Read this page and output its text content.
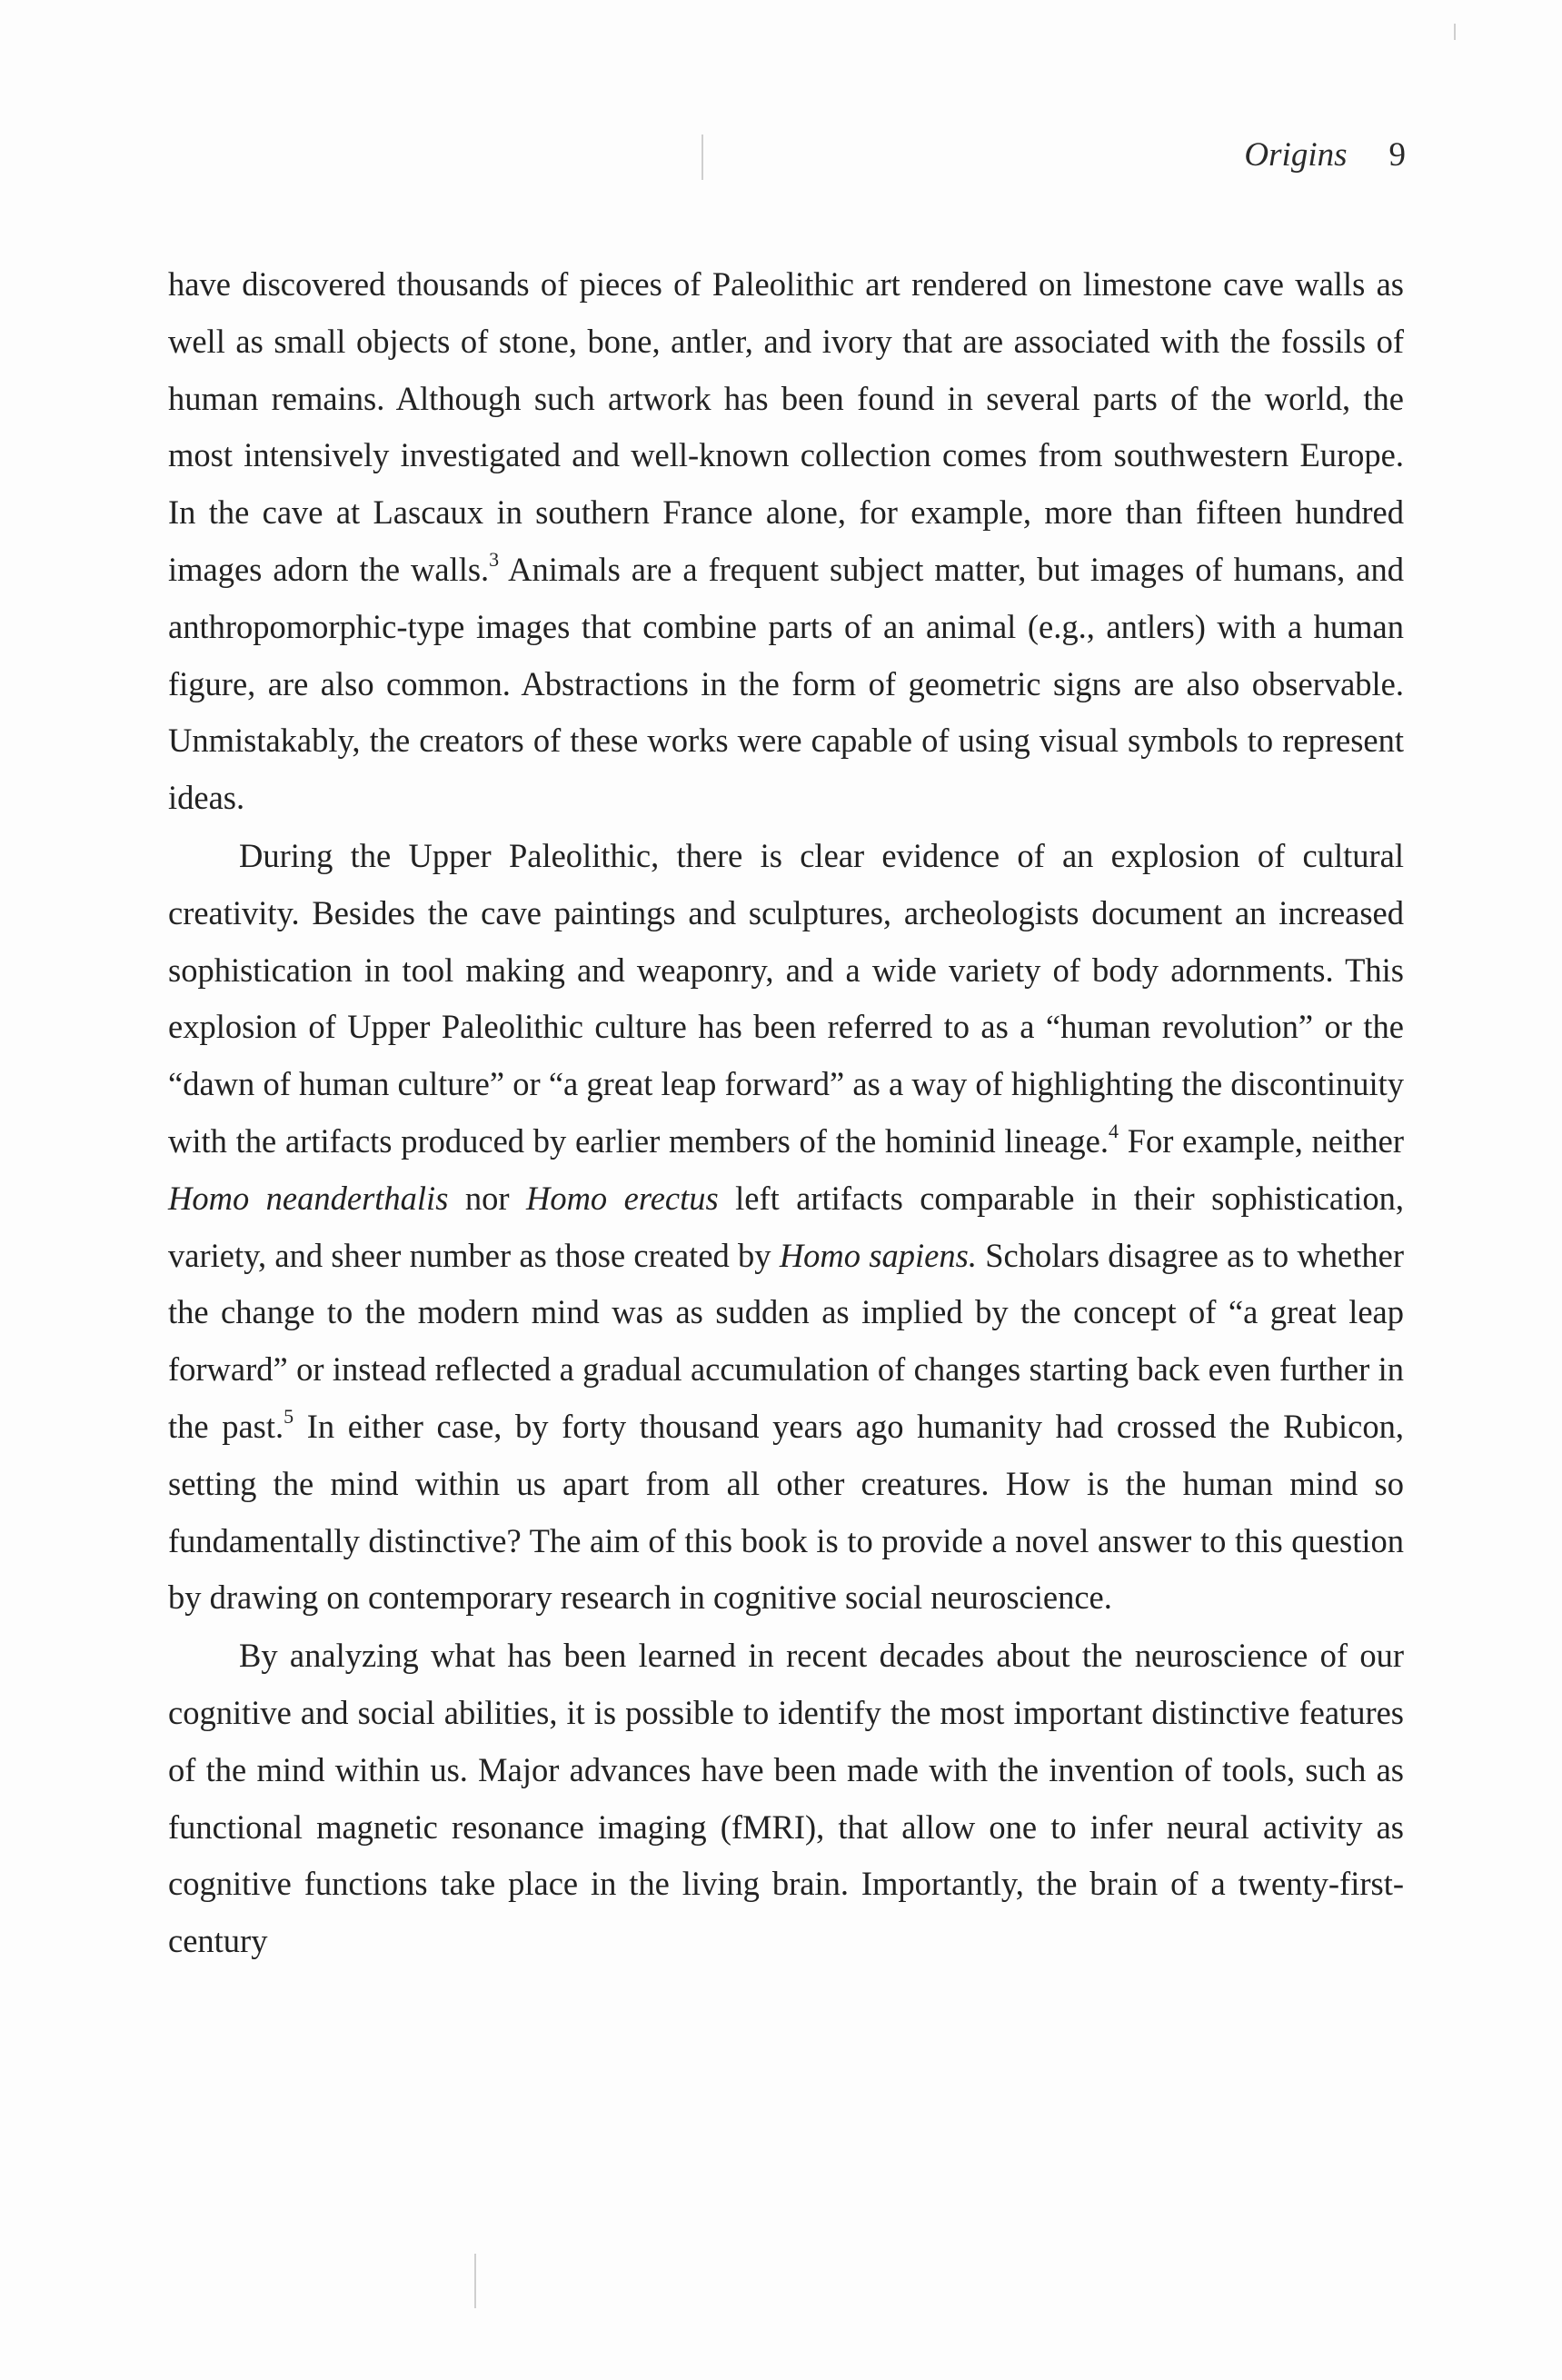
Origins 9

have discovered thousands of pieces of Paleolithic art rendered on limestone cave walls as well as small objects of stone, bone, antler, and ivory that are associated with the fossils of human remains. Although such artwork has been found in several parts of the world, the most intensively investigated and well-known collection comes from southwestern Europe. In the cave at Lascaux in southern France alone, for example, more than fifteen hundred images adorn the walls.$^3$ Animals are a frequent subject matter, but images of humans, and anthropomorphic-type images that combine parts of an animal (e.g., antlers) with a human figure, are also common. Abstractions in the form of geometric signs are also observable. Unmistakably, the creators of these works were capable of using visual symbols to represent ideas.

During the Upper Paleolithic, there is clear evidence of an explosion of cultural creativity. Besides the cave paintings and sculptures, archeologists document an increased sophistication in tool making and weaponry, and a wide variety of body adornments. This explosion of Upper Paleolithic culture has been referred to as a “human revolution” or the “dawn of human culture” or “a great leap forward” as a way of highlighting the discontinuity with the artifacts produced by earlier members of the hominid lineage.$^4$ For example, neither Homo neanderthalis nor Homo erectus left artifacts comparable in their sophistication, variety, and sheer number as those created by Homo sapiens. Scholars disagree as to whether the change to the modern mind was as sudden as implied by the concept of “a great leap forward” or instead reflected a gradual accumulation of changes starting back even further in the past.$^5$ In either case, by forty thousand years ago humanity had crossed the Rubicon, setting the mind within us apart from all other creatures. How is the human mind so fundamentally distinctive? The aim of this book is to provide a novel answer to this question by drawing on contemporary research in cognitive social neuroscience.

By analyzing what has been learned in recent decades about the neuroscience of our cognitive and social abilities, it is possible to identify the most important distinctive features of the mind within us. Major advances have been made with the invention of tools, such as functional magnetic resonance imaging (fMRI), that allow one to infer neural activity as cognitive functions take place in the living brain. Importantly, the brain of a twenty-first-century
